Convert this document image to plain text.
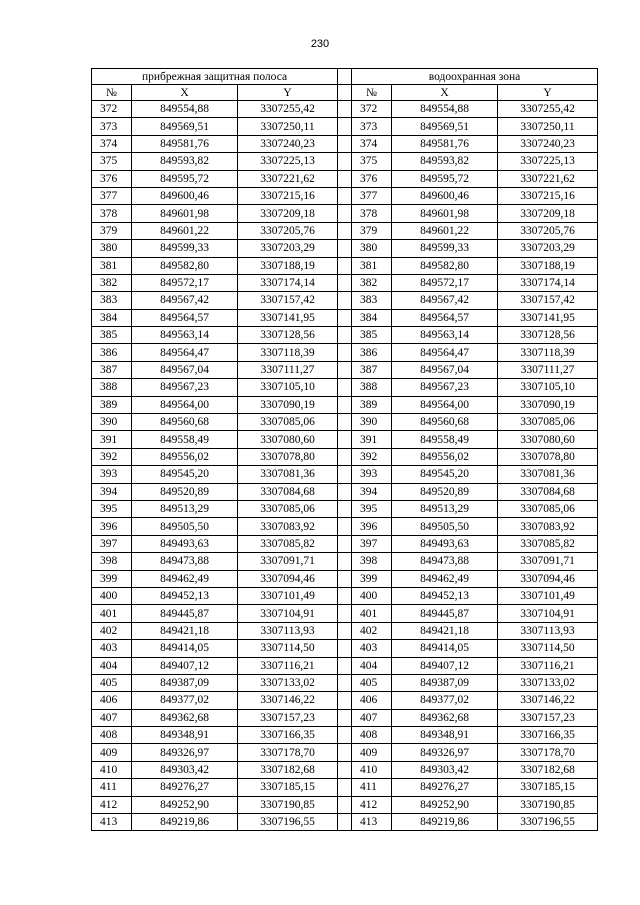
230
прибрежная защитная полоса				водоохранная зона		
№	X	Y		№	X	Y
372	849554,88	3307255,42		372	849554,88	3307255,42
373	849569,51	3307250,11		373	849569,51	3307250,11
374	849581,76	3307240,23		374	849581,76	3307240,23
375	849593,82	3307225,13		375	849593,82	3307225,13
376	849595,72	3307221,62		376	849595,72	3307221,62
377	849600,46	3307215,16		377	849600,46	3307215,16
378	849601,98	3307209,18		378	849601,98	3307209,18
379	849601,22	3307205,76		379	849601,22	3307205,76
380	849599,33	3307203,29		380	849599,33	3307203,29
381	849582,80	3307188,19		381	849582,80	3307188,19
382	849572,17	3307174,14		382	849572,17	3307174,14
383	849567,42	3307157,42		383	849567,42	3307157,42
384	849564,57	3307141,95		384	849564,57	3307141,95
385	849563,14	3307128,56		385	849563,14	3307128,56
386	849564,47	3307118,39		386	849564,47	3307118,39
387	849567,04	3307111,27		387	849567,04	3307111,27
388	849567,23	3307105,10		388	849567,23	3307105,10
389	849564,00	3307090,19		389	849564,00	3307090,19
390	849560,68	3307085,06		390	849560,68	3307085,06
391	849558,49	3307080,60		391	849558,49	3307080,60
392	849556,02	3307078,80		392	849556,02	3307078,80
393	849545,20	3307081,36		393	849545,20	3307081,36
394	849520,89	3307084,68		394	849520,89	3307084,68
395	849513,29	3307085,06		395	849513,29	3307085,06
396	849505,50	3307083,92		396	849505,50	3307083,92
397	849493,63	3307085,82		397	849493,63	3307085,82
398	849473,88	3307091,71		398	849473,88	3307091,71
399	849462,49	3307094,46		399	849462,49	3307094,46
400	849452,13	3307101,49		400	849452,13	3307101,49
401	849445,87	3307104,91		401	849445,87	3307104,91
402	849421,18	3307113,93		402	849421,18	3307113,93
403	849414,05	3307114,50		403	849414,05	3307114,50
404	849407,12	3307116,21		404	849407,12	3307116,21
405	849387,09	3307133,02		405	849387,09	3307133,02
406	849377,02	3307146,22		406	849377,02	3307146,22
407	849362,68	3307157,23		407	849362,68	3307157,23
408	849348,91	3307166,35		408	849348,91	3307166,35
409	849326,97	3307178,70		409	849326,97	3307178,70
410	849303,42	3307182,68		410	849303,42	3307182,68
411	849276,27	3307185,15		411	849276,27	3307185,15
412	849252,90	3307190,85		412	849252,90	3307190,85
413	849219,86	3307196,55		413	849219,86	3307196,55
